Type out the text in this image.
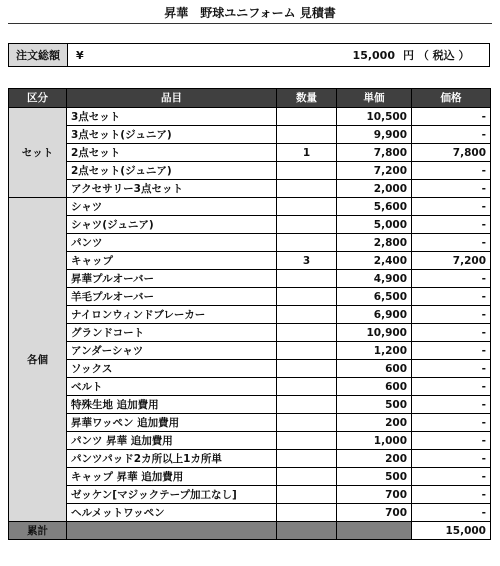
昇華　野球ユニフォーム 見積書
注文総額	¥	15,000 円 （ 税込 ）
区分	品目	数量	単価	価格
セット	3点セット		10,500	-
	3点セット(ジュニア)		9,900	-
	2点セット	1	7,800	7,800
	2点セット(ジュニア)		7,200	-
	アクセサリー3点セット		2,000	-
各個	シャツ		5,600	-
	シャツ(ジュニア)		5,000	-
	パンツ		2,800	-
	キャップ	3	2,400	7,200
	昇華プルオーバー		4,900	-
	羊毛プルオーバー		6,500	-
	ナイロンウィンドブレーカー		6,900	-
	グランドコート		10,900	-
	アンダーシャツ		1,200	-
	ソックス		600	-
	ベルト		600	-
	特殊生地 追加費用		500	-
	昇華ワッペン 追加費用		200	-
	パンツ 昇華 追加費用		1,000	-
	パンツパッド2カ所以上1カ所単		200	-
	キャップ 昇華 追加費用		500	-
	ゼッケン[マジックテープ加工なし]		700	-
	ヘルメットワッペン		700	-
累計				15,000
